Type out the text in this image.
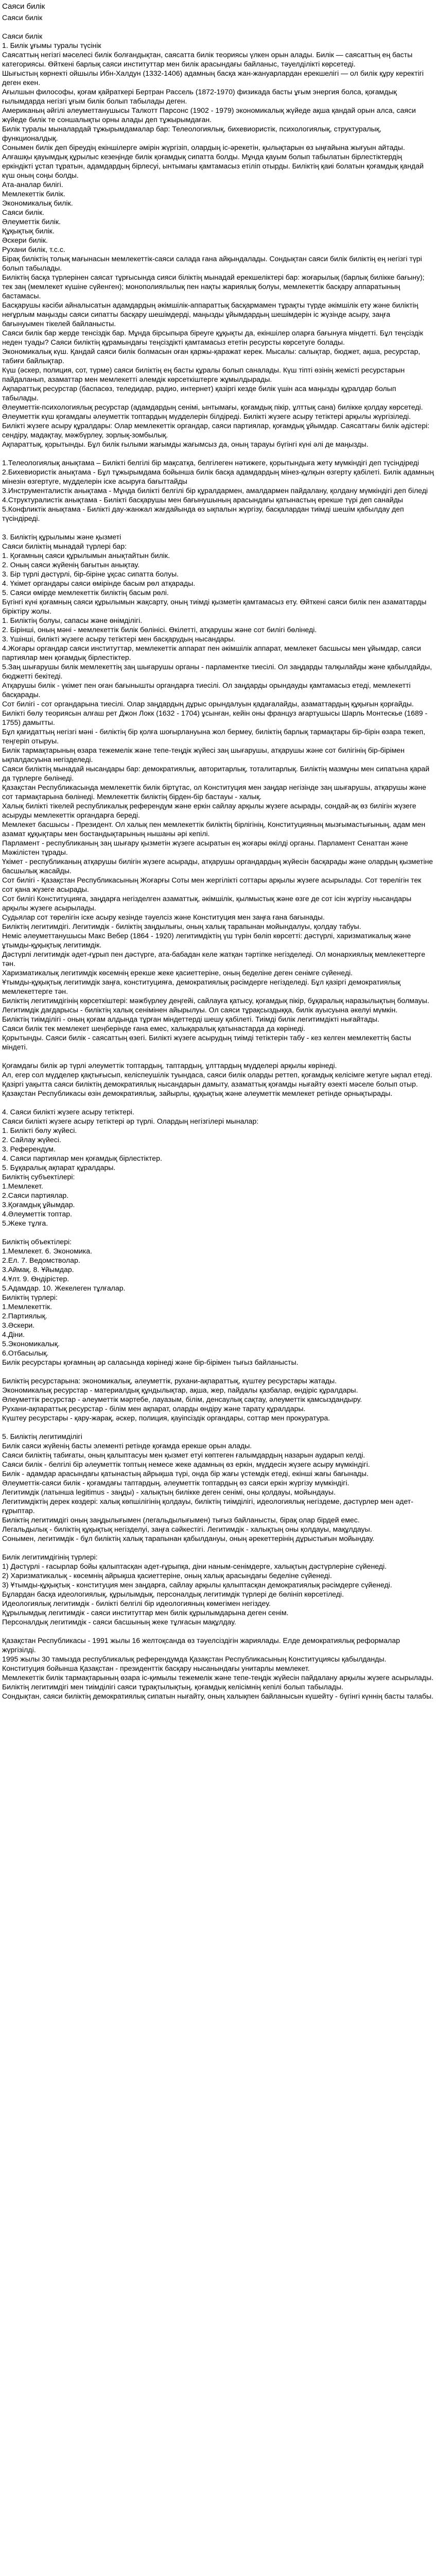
Саяси билік
Саяси билік
Саяси билік
1. Билік ұғымы туралы түсінік
Саясаттың негізгі мәселесі билік болғандықтан, саясатта билік теориясы үлкен орын алады. Билік — саясаттың ең басты категориясы. Өйткені барлық саяси институттар мен билік арасындағы байланыс, тәуелділікті көрсетеді.
Шығыстың көрнекті ойшылы Ибн-Халдун (1332-1406) адамның басқа жан-жануарлардан ерекшелігі — ол билік құру керектігі деген екен.
Ағылшын философы, қоғам қайраткері Бертран Рассель (1872-1970) физикада басты ұғым энергия болса, қоғамдық ғылымдарда негізгі ұғым билік болып табылады деген.
Американың әйгілі әлеуметтанушысы Талкотт Парсонс (1902 - 1979) экономикалық жүйеде ақша қандай орын алса, саяси жүйеде билік те соншалықты орны алады деп тұжырымдаған.
Билік туралы мыналардай тұжырымдамалар бар: Телеологиялық, бихевиористік, психологиялық, структуралық, функционалдық.
Сонымен билік деп біреудің екіншілерге әмірін жүргізіп, олардың іс-әрекетін, қылықтарын өз ыңғайына жығуын айтады.
Алғашқы қауымдық құрылыс кезеңінде билік қоғамдық сипатта болды. Мұнда қауым болып табылатын бірлестіктердің еркіндікті ұстап тұратын, адамдардың бірлесуі, ынтымағы қамтамасыз етіліп отырды. Биліктің қаиі болатын қоғамдық қандай күш оның соңы болды.
Ата-аналар билігі.
Мемлекеттік билік.
Экономикалық билік.
Саяси билік.
Әлеуметтік билік.
Құқықтық билік.
Әскери билік.
Рухани билік, т.с.с.
Бірақ биліктің толық мағынасын мемлекеттік-саяси салада ғана айқындалады. Сондықтан саяси билік биліктің ең негізгі түрі болып табылады.
Биліктің басқа түрлерінен саясат тұрғысында сияси біліктің мынадай ерекшеліктері бар: жоғарылық (барлық билікке бағыну); тек заң (мемлекет күшіне сүйенген); монополиялылық пен нақты жариялық болуы, мемлекеттік басқару аппаратының бастамасы.
Басқарушы кәсіби айналысатын адамдардың әкімшілік-аппараттық басқармамен тұрақты түрде әкімшілік ету және биліктің неғұрлым маңызды саяси сипатты басқару шешімдерді, маңызды ұйымдардың шешімдерін іс жүзінде асыру, заңға бағынуымен тікелей байланысты.
Саяси билік бар жерде тенсіздік бар. Мұнда бірсыпыра біреуге құқықты да, екіншілер оларға бағынуға міндетті. Бұл теңсіздік неден туады? Саяси биліктің құрамындағы теңсіздікті қамтамасыз ететін ресурсты көрсетуге болады.
Экономикалық күш. Қандай саяси билік болмасын оған қаржы-қаражат керек. Мысалы: салықтар, бюджет, ақша, ресурстар, табиғи байлықтар.
Күш (әскер, полиция, сот, түрме) саяси биліктің ең басты құралы болып саналады. Күш тіпті өзінің жемісті ресурстарын пайдаланып, азаматтар мен мемлекетті әлемдік көрсеткіштерге жұмылдырады.
Ақпараттық ресурстар (баспасөз, теледидар, радио, интернет) қазіргі кезде билік үшін аса маңызды құралдар болып табылады.
Әлеуметтік-психологиялық ресурстар (адамдардың сенімі, ынтымағы, қоғамдық пікір, ұлттық сана) билікке қолдау көрсетеді.
Әлеуметтік күш қоғамдағы әлеуметтік топтардың мүдделерін білдіреді. Билікті жүзеге асыру тетіктері арқылы жүргізіледі.
Билікті жүзеге асыру құралдары: Олар мемлекеттік органдар, саяси партиялар, қоғамдық ұйымдар. Саясаттағы билік әдістері: сендіру, мадақтау, мәжбүрлеу, зорлық-зомбылық.
Ақпараттық, қорытынды. Бұл билік ғылыми жағымды жағымсыз да, оның тарауы бүгінгі күні әлі де маңызды.
1.Телеологиялық анықтама – Билікті белгілі бір мақсатқа, белгілеген нәтижеге, қорытындыға жету мүмкіндігі деп түсіндіреді
2.Бихевиористік анықтама - Бұл тұжырымдама бойынша билік басқа адамдардың мінез-құлқын өзгерту қабілеті. Билік адамның мінезін өзгертуге, мүдделерін іске асыруға бағыттайды
3.Инструменталистік анықтама - Мұнда билікті белгілі бір құралдармен, амалдармен пайдалану, қолдану мүмкіндігі деп біледі
4.Структуралистік анықтама - Билікті басқарушы мен бағынушының арасындағы қатынастың ерекше түрі деп санайды
5.Конфликтік анықтама - Билікті дау-жанжал жағдайында өз ықпалын жүргізу, басқалардан тиімді шешім қабылдау деп түсіндіреді.
3. Биліктің құрылымы және қызметі
Саяси биліктің мынадай түрлері бар:
1. Қоғамның саяси құрылымын анықтайтын билік.
2. Оның саяси жүйенің бағытын анықтау.
3. Бір түрлі дәстүрлі, бір-біріне ұқсас сипатта болуы.
4. Үкімет органдары саяси өмірінде басым рөл атқарады.
5. Саяси өмірде мемлекеттік биліктің басым рөлі.
Бүгінгі күні қоғамның саяси құрылымын жақсарту, оның тиімді қызметін қамтамасыз ету. Өйткені саяси билік пен азаматтарды біріктіру жолы.
1. Биліктің болуы, сапасы және өнімділігі.
2. Бірінші, оның мәні - мемлекеттік билік бөлінісі. Өкілетті, атқарушы және сот билігі бөлінеді.
3. Үшінші, билікті жүзеге асыру тетіктері мен басқарудың нысандары.
4.Жоғары органдар саяси институттар, мемлекеттік аппарат пен әкімшілік аппарат, мемлекет басшысы мен ұйымдар, саяси партиялар мен қоғамдық бірлестіктер.
5.Заң шығарушы билік мемлекеттің заң шығарушы органы - парламентке тиесілі. Ол заңдарды талқылайды және қабылдайды, бюджетті бекітеді.
Атқарушы билік - үкімет пен оған бағынышты органдарға тиесілі. Ол заңдарды орындауды қамтамасыз етеді, мемлекетті басқарады.
Сот билігі - сот органдарына тиесілі. Олар заңдардың дұрыс орындалуын қадағалайды, азаматтардың құқығын қорғайды.
Билікті бөлу теориясын алғаш рет Джон Локк (1632 - 1704) ұсынған, кейін оны француз ағартушысы Шарль Монтескье (1689 - 1755) дамытты.
Бұл қағидаттың негізгі мәні - биліктің бір қолға шоғырлануына жол бермеу, биліктің барлық тармақтары бір-бірін өзара тежеп, теңгеріп отыруы.
Билік тармақтарының өзара тежемелік және тепе-теңдік жүйесі заң шығарушы, атқарушы және сот билігінің бір-бірімен ықпалдасуына негізделеді.
Саяси биліктің мынадай нысандары бар: демократиялық, авторитарлық, тоталитарлық. Биліктің мазмұны мен сипатына қарай да түрлерге бөлінеді.
Қазақстан Республикасында мемлекеттік билік біртұтас, ол Конституция мен заңдар негізінде заң шығарушы, атқарушы және сот тармақтарына бөлінеді. Мемлекеттік биліктің бірден-бір бастауы - халық.
Халық билікті тікелей республикалық референдум және еркін сайлау арқылы жүзеге асырады, сондай-ақ өз билігін жүзеге асыруды мемлекеттік органдарға береді.
Мемлекет басшысы - Президент. Ол халық пен мемлекеттік биліктің бірлігінің, Конституцияның мызғымастығының, адам мен азамат құқықтары мен бостандықтарының нышаны әрі кепілі.
Парламент - республиканың заң шығару қызметін жүзеге асыратын ең жоғары өкілді органы. Парламент Сенаттан және Мәжілістен тұрады.
Үкімет - республиканың атқарушы билігін жүзеге асырады, атқарушы органдардың жүйесін басқарады және олардың қызметіне басшылық жасайды.
Сот билігі - Қазақстан Республикасының Жоғарғы Соты мен жергілікті соттары арқылы жүзеге асырылады. Сот төрелігін тек сот қана жүзеге асырады.
Сот билігі Конституцияға, заңдарға негізделген азаматтық, әкімшілік, қылмыстық және өзге де сот ісін жүргізу нысандары арқылы жүзеге асырылады.
Судьялар сот төрелігін іске асыру кезінде тәуелсіз және Конституция мен заңға ғана бағынады.
Биліктің легитимдігі. Легитимдік - биліктің заңдылығы, оның халық тарапынан мойындалуы, қолдау табуы.
Неміс әлеуметтанушысы Макс Вебер (1864 - 1920) легитимдіктің үш түрін бөліп көрсетті: дәстүрлі, харизматикалық және ұтымды-құқықтық легитимдік.
Дәстүрлі легитимдік әдет-ғұрып пен дәстүрге, ата-бабадан келе жатқан тәртіпке негізделеді. Ол монархиялық мемлекеттерге тән.
Харизматикалық легитимдік көсемнің ерекше жеке қасиеттеріне, оның беделіне деген сенімге сүйенеді.
Ұтымды-құқықтық легитимдік заңға, конституцияға, демократиялық рәсімдерге негізделеді. Бұл қазіргі демократиялық мемлекеттерге тән.
Биліктің легитимдігінің көрсеткіштері: мәжбүрлеу деңгейі, сайлауға қатысу, қоғамдық пікір, бұқаралық наразылықтың болмауы.
Легитимдік дағдарысы - биліктің халық сенімінен айырылуы. Ол саяси тұрақсыздыққа, билік ауысуына әкелуі мүмкін.
Биліктің тиімділігі - оның қоғам алдында тұрған міндеттерді шешу қабілеті. Тиімді билік легитимдікті нығайтады.
Саяси билік тек мемлекет шеңберінде ғана емес, халықаралық қатынастарда да көрінеді.
Қорытынды. Саяси билік - саясаттың өзегі. Билікті жүзеге асырудың тиімді тетіктерін табу - кез келген мемлекеттің басты міндеті.
Қоғамдағы билік әр түрлі әлеуметтік топтардың, таптардың, ұлттардың мүдделері арқылы көрінеді.
Ал, егер сол мүдделер қақтығысып, келіспеушілік туындаса, саяси билік оларды реттеп, қоғамдық келісімге жетуге ықпал етеді.
Қазіргі уақытта саяси биліктің демократиялық нысандарын дамыту, азаматтық қоғамды нығайту өзекті мәселе болып отыр.
Қазақстан Республикасы өзін демократиялық, зайырлы, құқықтық және әлеуметтік мемлекет ретінде орнықтырады.
4. Саяси билікті жүзеге асыру тетіктері.
Саяси билікті жүзеге асыру тетіктері әр түрлі. Олардың негізгілері мыналар:
1. Билікті бөлу жүйесі.
2. Сайлау жүйесі.
3. Референдум.
4. Саяси партиялар мен қоғамдық бірлестіктер.
5. Бұқаралық ақпарат құралдары.
Биліктің субъектілері:
1.Мемлекет.
2.Саяси партиялар.
3.Қоғамдық ұйымдар.
4.Әлеуметтік топтар.
5.Жеке тұлға.
Биліктің объектілері:
1.Мемлекет. 6. Экономика.
2.Ел. 7. Ведомстволар.
3.Аймақ. 8. Ұйымдар.
4.Ұлт. 9. Өндірістер.
5.Адамдар. 10. Жекелеген тұлғалар.
Биліктің түрлері:
1.Мемлекеттік.
2.Партиялық.
3.Әскери.
4.Діни.
5.Экономикалық.
6.Отбасылық.
Билік ресурстары қоғамның әр саласында көрінеді және бір-бірімен тығыз байланысты.
Биліктің ресурстарына: экономикалық, әлеуметтік, рухани-ақпараттық, күштеу ресурстары жатады.
Экономикалық ресурстар - материалдық құндылықтар, ақша, жер, пайдалы қазбалар, өндіріс құралдары.
Әлеуметтік ресурстар - әлеуметтік мәртебе, лауазым, білім, денсаулық сақтау, әлеуметтік қамсыздандыру.
Рухани-ақпараттық ресурстар - білім мен ақпарат, оларды өндіру және тарату құралдары.
Күштеу ресурстары - қару-жарақ, әскер, полиция, қауіпсіздік органдары, соттар мен прокуратура.
5. Биліктің легитимділігі
Билік саяси жүйенің басты элементі ретінде қоғамда ерекше орын алады.
Саяси биліктің табиғаты, оның қалыптасуы мен қызмет етуі көптеген ғалымдардың назарын аударып келді.
Саяси билік - белгілі бір әлеуметтік топтың немесе жеке адамның өз еркін, мүддесін жүзеге асыру мүмкіндігі.
Билік - адамдар арасындағы қатынастың айрықша түрі, онда бір жағы үстемдік етеді, екінші жағы бағынады.
Әлеуметтік-саяси билік - қоғамдағы таптардың, әлеуметтік топтардың өз саяси еркін жүргізу мүмкіндігі.
Легитимдік (латынша legitimus - заңды) - халықтың билікке деген сенімі, оны қолдауы, мойындауы.
Легитимдіктің дерек көздері: халық көпшілігінің қолдауы, биліктің тиімділігі, идеологиялық негіздеме, дәстүрлер мен әдет-ғұрыптар.
Биліктің легитимдігі оның заңдылығымен (легальдылығымен) тығыз байланысты, бірақ олар бірдей емес.
Легальдылық - биліктің құқықтық негізделуі, заңға сәйкестігі. Легитимдік - халықтың оны қолдауы, мақұлдауы.
Сонымен, легитимдік - бұл биліктің халық тарапынан қабылдануы, оның әрекеттерінің дұрыстығын мойындау.
Билік легитимдігінің түрлері:
1) Дәстүрлі - ғасырлар бойы қалыптасқан әдет-ғұрыпқа, діни наным-сенімдерге, халықтың дәстүрлеріне сүйенеді.
2) Харизматикалық - көсемнің айрықша қасиеттеріне, оның халық арасындағы беделіне сүйенеді.
3) Ұтымды-құқықтық - конституция мен заңдарға, сайлау арқылы қалыптасқан демократиялық рәсімдерге сүйенеді.
Бұлардан басқа идеологиялық, құрылымдық, персоналдық легитимдік түрлері де бөлініп көрсетіледі.
Идеологиялық легитимдік - билікті белгілі бір идеологияның көмегімен негіздеу.
Құрылымдық легитимдік - саяси институттар мен билік құрылымдарына деген сенім.
Персоналдық легитимдік - саяси басшының жеке тұлғасын мақұлдау.
Қазақстан Республикасы - 1991 жылы 16 желтоқсанда өз тәуелсіздігін жариялады. Елде демократиялық реформалар жүргізілді.
1995 жылы 30 тамызда республикалық референдумда Қазақстан Республикасының Конституциясы қабылданды.
Конституция бойынша Қазақстан - президенттік басқару нысанындағы унитарлы мемлекет.
Мемлекеттік билік тармақтарының өзара іс-қимылы тежемелік және тепе-теңдік жүйесін пайдалану арқылы жүзеге асырылады.
Биліктің легитимдігі мен тиімділігі саяси тұрақтылықтың, қоғамдық келісімнің кепілі болып табылады.
Сондықтан, саяси биліктің демократиялық сипатын нығайту, оның халықпен байланысын күшейту - бүгінгі күннің басты талабы.
